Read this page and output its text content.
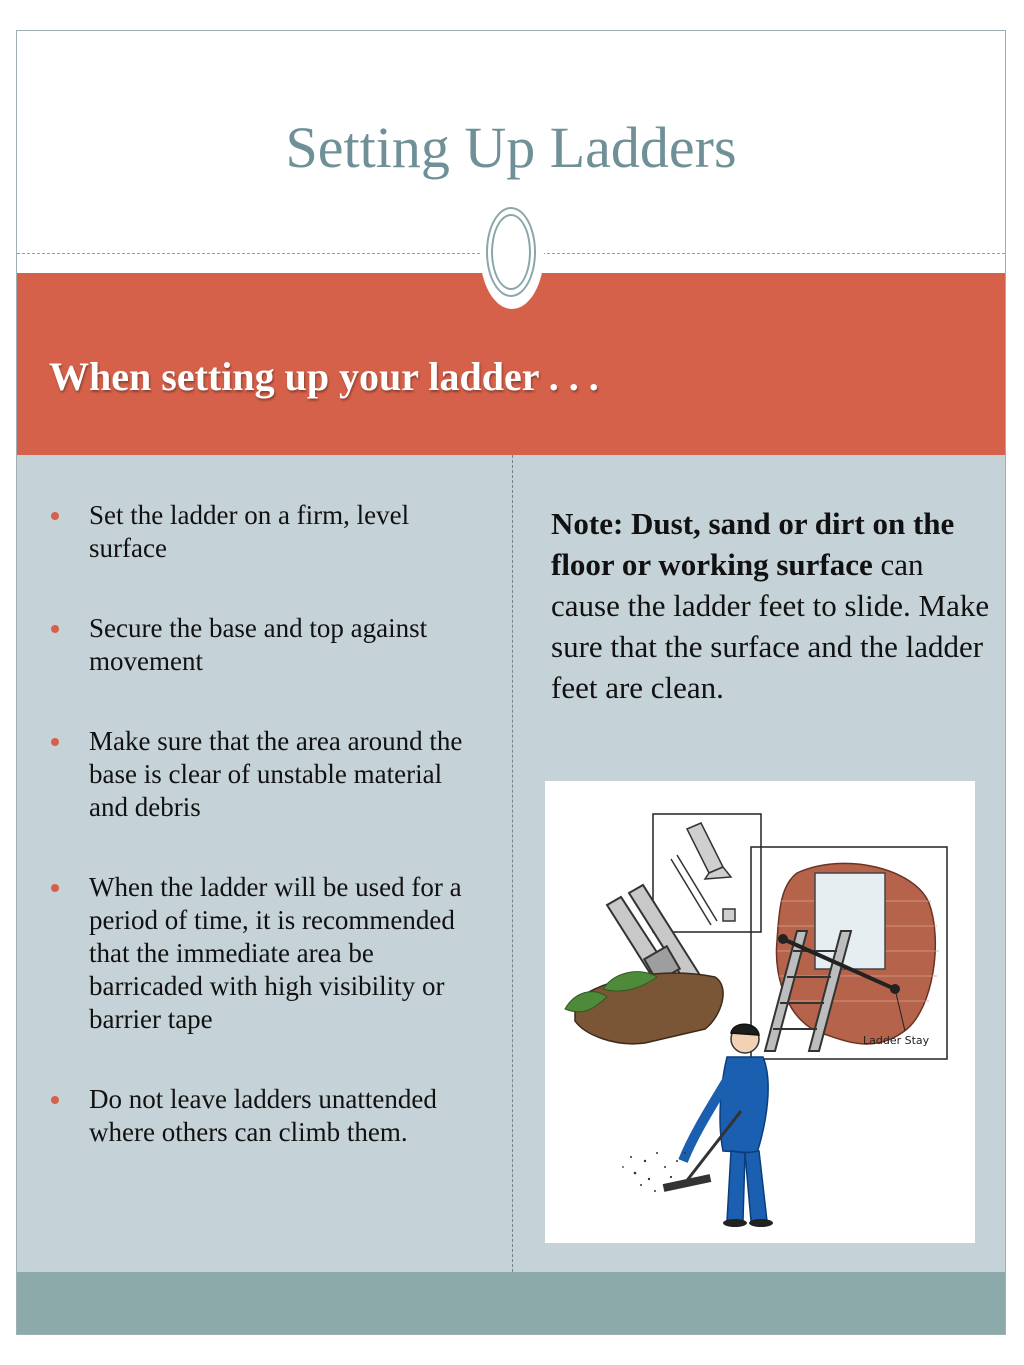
Setting Up Ladders
When setting up your ladder . . .
Set the ladder on a firm, level surface
Secure the base and top against movement
Make sure that the area around the base is clear of unstable material and debris
When the ladder will be used for a period of time, it is recommended that the immediate area be barricaded with high visibility or barrier tape
Do not leave ladders unattended where others can climb them.

Note: Dust, sand or dirt on the floor or working surface can cause the ladder feet to slide. Make sure that the surface and the ladder feet are clean.

Ladder Stay
